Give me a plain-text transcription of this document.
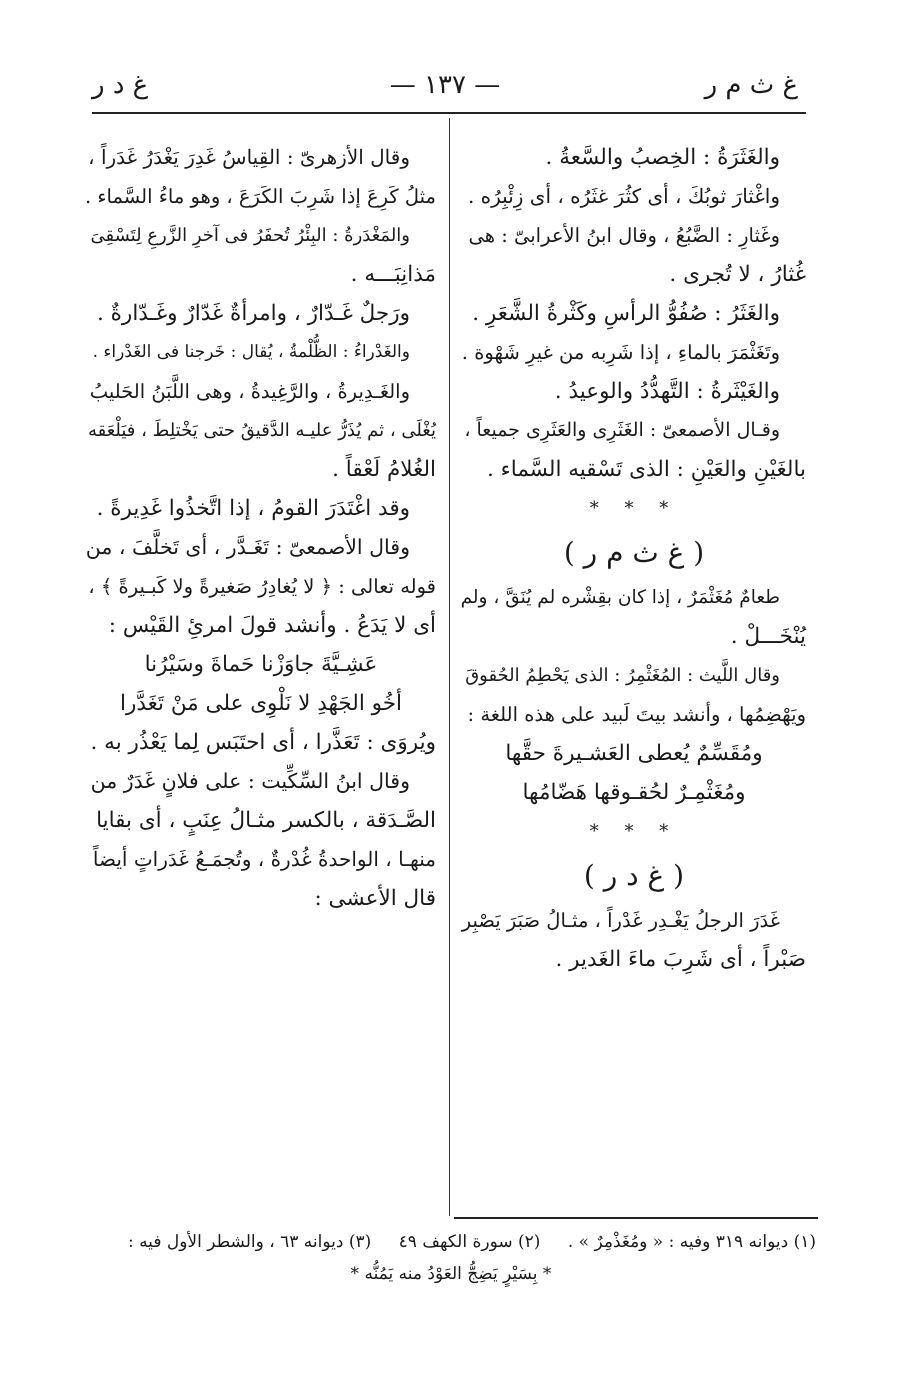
غ ث م ر
— ١٣٧ —
غ د ر
والغَثَرَةُ : الخِصبُ والسَّعةُ .
واغْثارَ ثوبُكَ ، أى كثُرَ غثَرُه ، أى زِئْبِرُه .
وغَثارِ : الضَّبُعُ ، وقال ابنُ الأعرابىّ : هى
غُثارُ ، لا تُجرى .
والغَثَرُ : صُفُوُّ الرأسِ وكَثْرةُ الشَّعَرِ .
وتَغَثْمَرَ بالماءِ ، إذا شَرِبه من غيرِ شَهْوة .
والغَيْثَرةُ : التَّهدُّدُ والوعيدُ .
وقـال الأصمعىّ : الغَثَرِى والعَثَرِى جميعاً ،
بالغَيْنِ والعَيْنِ : الذى تَسْقيه السَّماء .
* * *
( غ ث م ر )
طعامٌ مُغَثْمَرٌ ، إذا كان بقِشْره لم يُنَقَّ ، ولم
يُنْخَـــلْ .
وقال اللَّيث : المُغَثْمِرُ : الذى يَحْطِمُ الحُقوقَ
ويَهْضِمُها ، وأنشد بيتَ لَبيد على هذه اللغة :
ومُقَسِّمٌ يُعطى العَشـيرةَ حقَّها
ومُغَثْمِـرٌ لحُقـوقها هَضّامُها
* * *
( غ د ر )
غَدَرَ الرجلُ يَغْـدِر غَدْراً ، مثـالُ صَبَرَ يَصْبِر
صَبْراً ، أى شَرِبَ ماءَ الغَدير .
وقال الأزهرىّ : القِياسُ غَدِرَ يَغْدَرُ غَدَراً ،
مثلُ كَرِعَ إذا شَرِبَ الكَرَعَ ، وهو ماءُ السَّماء .
والمَغْدَرةُ : البِئْرُ تُحفَرُ فى آخرِ الزَّرعِ لِتَسْقِىَ
مَذانِبَـــه .
ورَجلٌ غَـدّارٌ ، وامرأةٌ غَدّارٌ وغَـدّارةٌ .
والغَدْراءُ : الظُّلْمةُ ، يُقال : خَرجنا فى الغَدْراء .
والغَـدِيرةُ ، والرَّغِيدةُ ، وهى اللَّبَنُ الحَليبُ
يُغْلَى ، ثم يُذَرُّ عليـه الدَّقيقُ حتى يَخْتلِطَ ، فيَلْعَقه
الغُلامُ لَعْقاً .
وقد اغْتَدَرَ القومُ ، إذا اتَّخذُوا غَدِيرةً .
وقال الأصمعىّ : تَغَـدَّر ، أى تَخلَّفَ ، من
قوله تعالى : ﴿ لا يُغادِرُ صَغيرةً ولا كَبـيرةً ﴾ ،
أى لا يَدَعُ . وأنشد قولَ امرئِ القَيْس :
عَشِـيَّةَ جاوَزْنا حَماةَ وسَيْرُنا
أخُو الجَهْدِ لا نَلْوِى على مَنْ تَغَدَّرا
ويُروَى : تَعَذَّرا ، أى احتَبَس لِما يَعْذُر به .
وقال ابنُ السِّكِّيت : على فلانٍ غَدَرٌ من
الصَّـدَقة ، بالكسر مثـالُ عِنَبٍ ، أى بقايا
منهـا ، الواحدةُ غُدْرةٌ ، وتُجمَـعُ غَدَراتٍ أيضاً
قال الأعشى :
(١) ديوانه ٣١٩ وفيه : « ومُغَذْمِرٌ » . (٢) سورة الكهف ٤٩ (٣) ديوانه ٦٣ ، والشطر الأول فيه :
* بِسَيْرٍ يَضِجُّ العَوْدُ منه يَمُنُّه *
